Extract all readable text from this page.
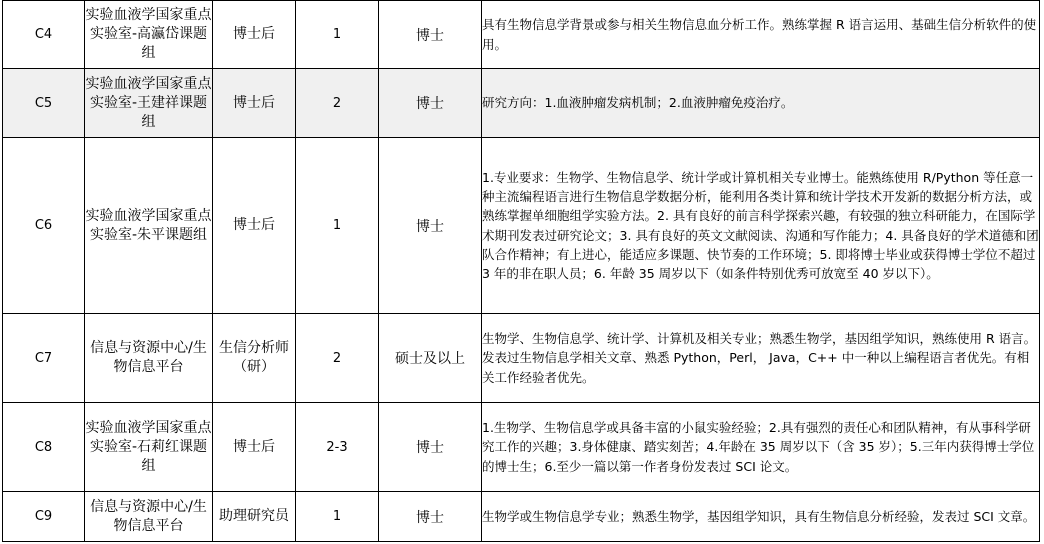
C4	实验血液学国家重点实验室-高瀛岱课题组	博士后	1	博士	具有生物信息学背景或参与相关生物信息血分析工作。熟练掌握 R 语言运用、基础生信分析软件的使用。

C5	实验血液学国家重点实验室-王建祥课题组	博士后	2	博士	研究方向：1.血液肿瘤发病机制；2.血液肿瘤免疫治疗。

C6	实验血液学国家重点实验室-朱平课题组	博士后	1	博士	1.专业要求：生物学、生物信息学、统计学或计算机相关专业博士。能熟练使用 R/Python 等任意一种主流编程语言进行生物信息学数据分析，能利用各类计算和统计学技术开发新的数据分析方法，或熟练掌握单细胞组学实验方法。2. 具有良好的前言科学探索兴趣，有较强的独立科研能力，在国际学术期刊发表过研究论文；3. 具有良好的英文文献阅读、沟通和写作能力；4. 具备良好的学术道德和团队合作精神；有上进心，能适应多课题、快节奏的工作环境；5. 即将博士毕业或获得博士学位不超过 3 年的非在职人员；6. 年龄 35 周岁以下（如条件特别优秀可放宽至 40 岁以下）。

C7	信息与资源中心/生物信息平台	生信分析师（研）	2	硕士及以上	生物学、生物信息学、统计学、计算机及相关专业；熟悉生物学，基因组学知识，熟练使用 R 语言。
发表过生物信息学相关文章、熟悉 Python，Perl， Java，C++ 中一种以上编程语言者优先。有相关工作经验者优先。

C8	实验血液学国家重点实验室-石莉红课题组	博士后	2-3	博士	1.生物学、生物信息学或具备丰富的小鼠实验经验；2.具有强烈的责任心和团队精神，有从事科学研究工作的兴趣；3.身体健康、踏实刻苦；4.年龄在 35 周岁以下（含 35 岁）；5.三年内获得博士学位的博士生；6.至少一篇以第一作者身份发表过 SCI 论文。

C9	信息与资源中心/生物信息平台	助理研究员	1	博士	生物学或生物信息学专业；熟悉生物学，基因组学知识，具有生物信息分析经验，发表过 SCI 文章。
